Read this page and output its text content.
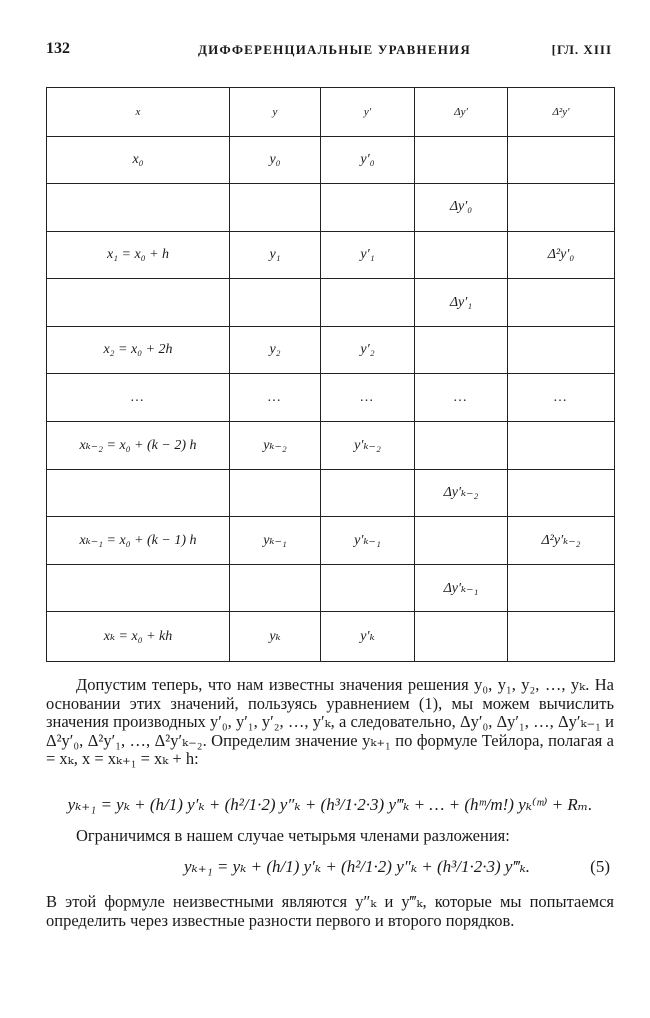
132	ДИФФЕРЕНЦИАЛЬНЫЕ УРАВНЕНИЯ	[ГЛ. XIII
x	y	y′	Δy′	Δ²y′
x₀	y₀	y′₀		
			Δy′₀	
x₁ = x₀ + h	y₁	y′₁		Δ²y′₀
			Δy′₁	
x₂ = x₀ + 2h	y₂	y′₂		
…	…	…	…	…
xₖ₋₂ = x₀ + (k − 2) h	yₖ₋₂	y′ₖ₋₂		
			Δy′ₖ₋₂	
xₖ₋₁ = x₀ + (k − 1) h	yₖ₋₁	y′ₖ₋₁		Δ²y′ₖ₋₂
			Δy′ₖ₋₁	
xₖ = x₀ + kh	yₖ	y′ₖ		

Допустим теперь, что нам известны значения решения y₀, y₁, y₂, …, yₖ. На основании этих значений, пользуясь уравнением (1), мы можем вычислить значения производных y′₀, y′₁, y′₂, …, y′ₖ, а следовательно, Δy′₀, Δy′₁, …, Δy′ₖ₋₁ и Δ²y′₀, Δ²y′₁, …, Δ²y′ₖ₋₂. Определим значение yₖ₊₁ по формуле Тейлора, полагая a = xₖ, x = xₖ₊₁ = xₖ + h:

yₖ₊₁ = yₖ + (h/1) y′ₖ + (h²/1·2) y″ₖ + (h³/1·2·3) y‴ₖ + … + (hᵐ/m!) yₖ⁽ᵐ⁾ + Rₘ.

Ограничимся в нашем случае четырьмя членами разложения:

yₖ₊₁ = yₖ + (h/1) y′ₖ + (h²/1·2) y″ₖ + (h³/1·2·3) y‴ₖ.	(5)

В этой формуле неизвестными являются y″ₖ и y‴ₖ, которые мы попытаемся определить через известные разности первого и второго порядков.
